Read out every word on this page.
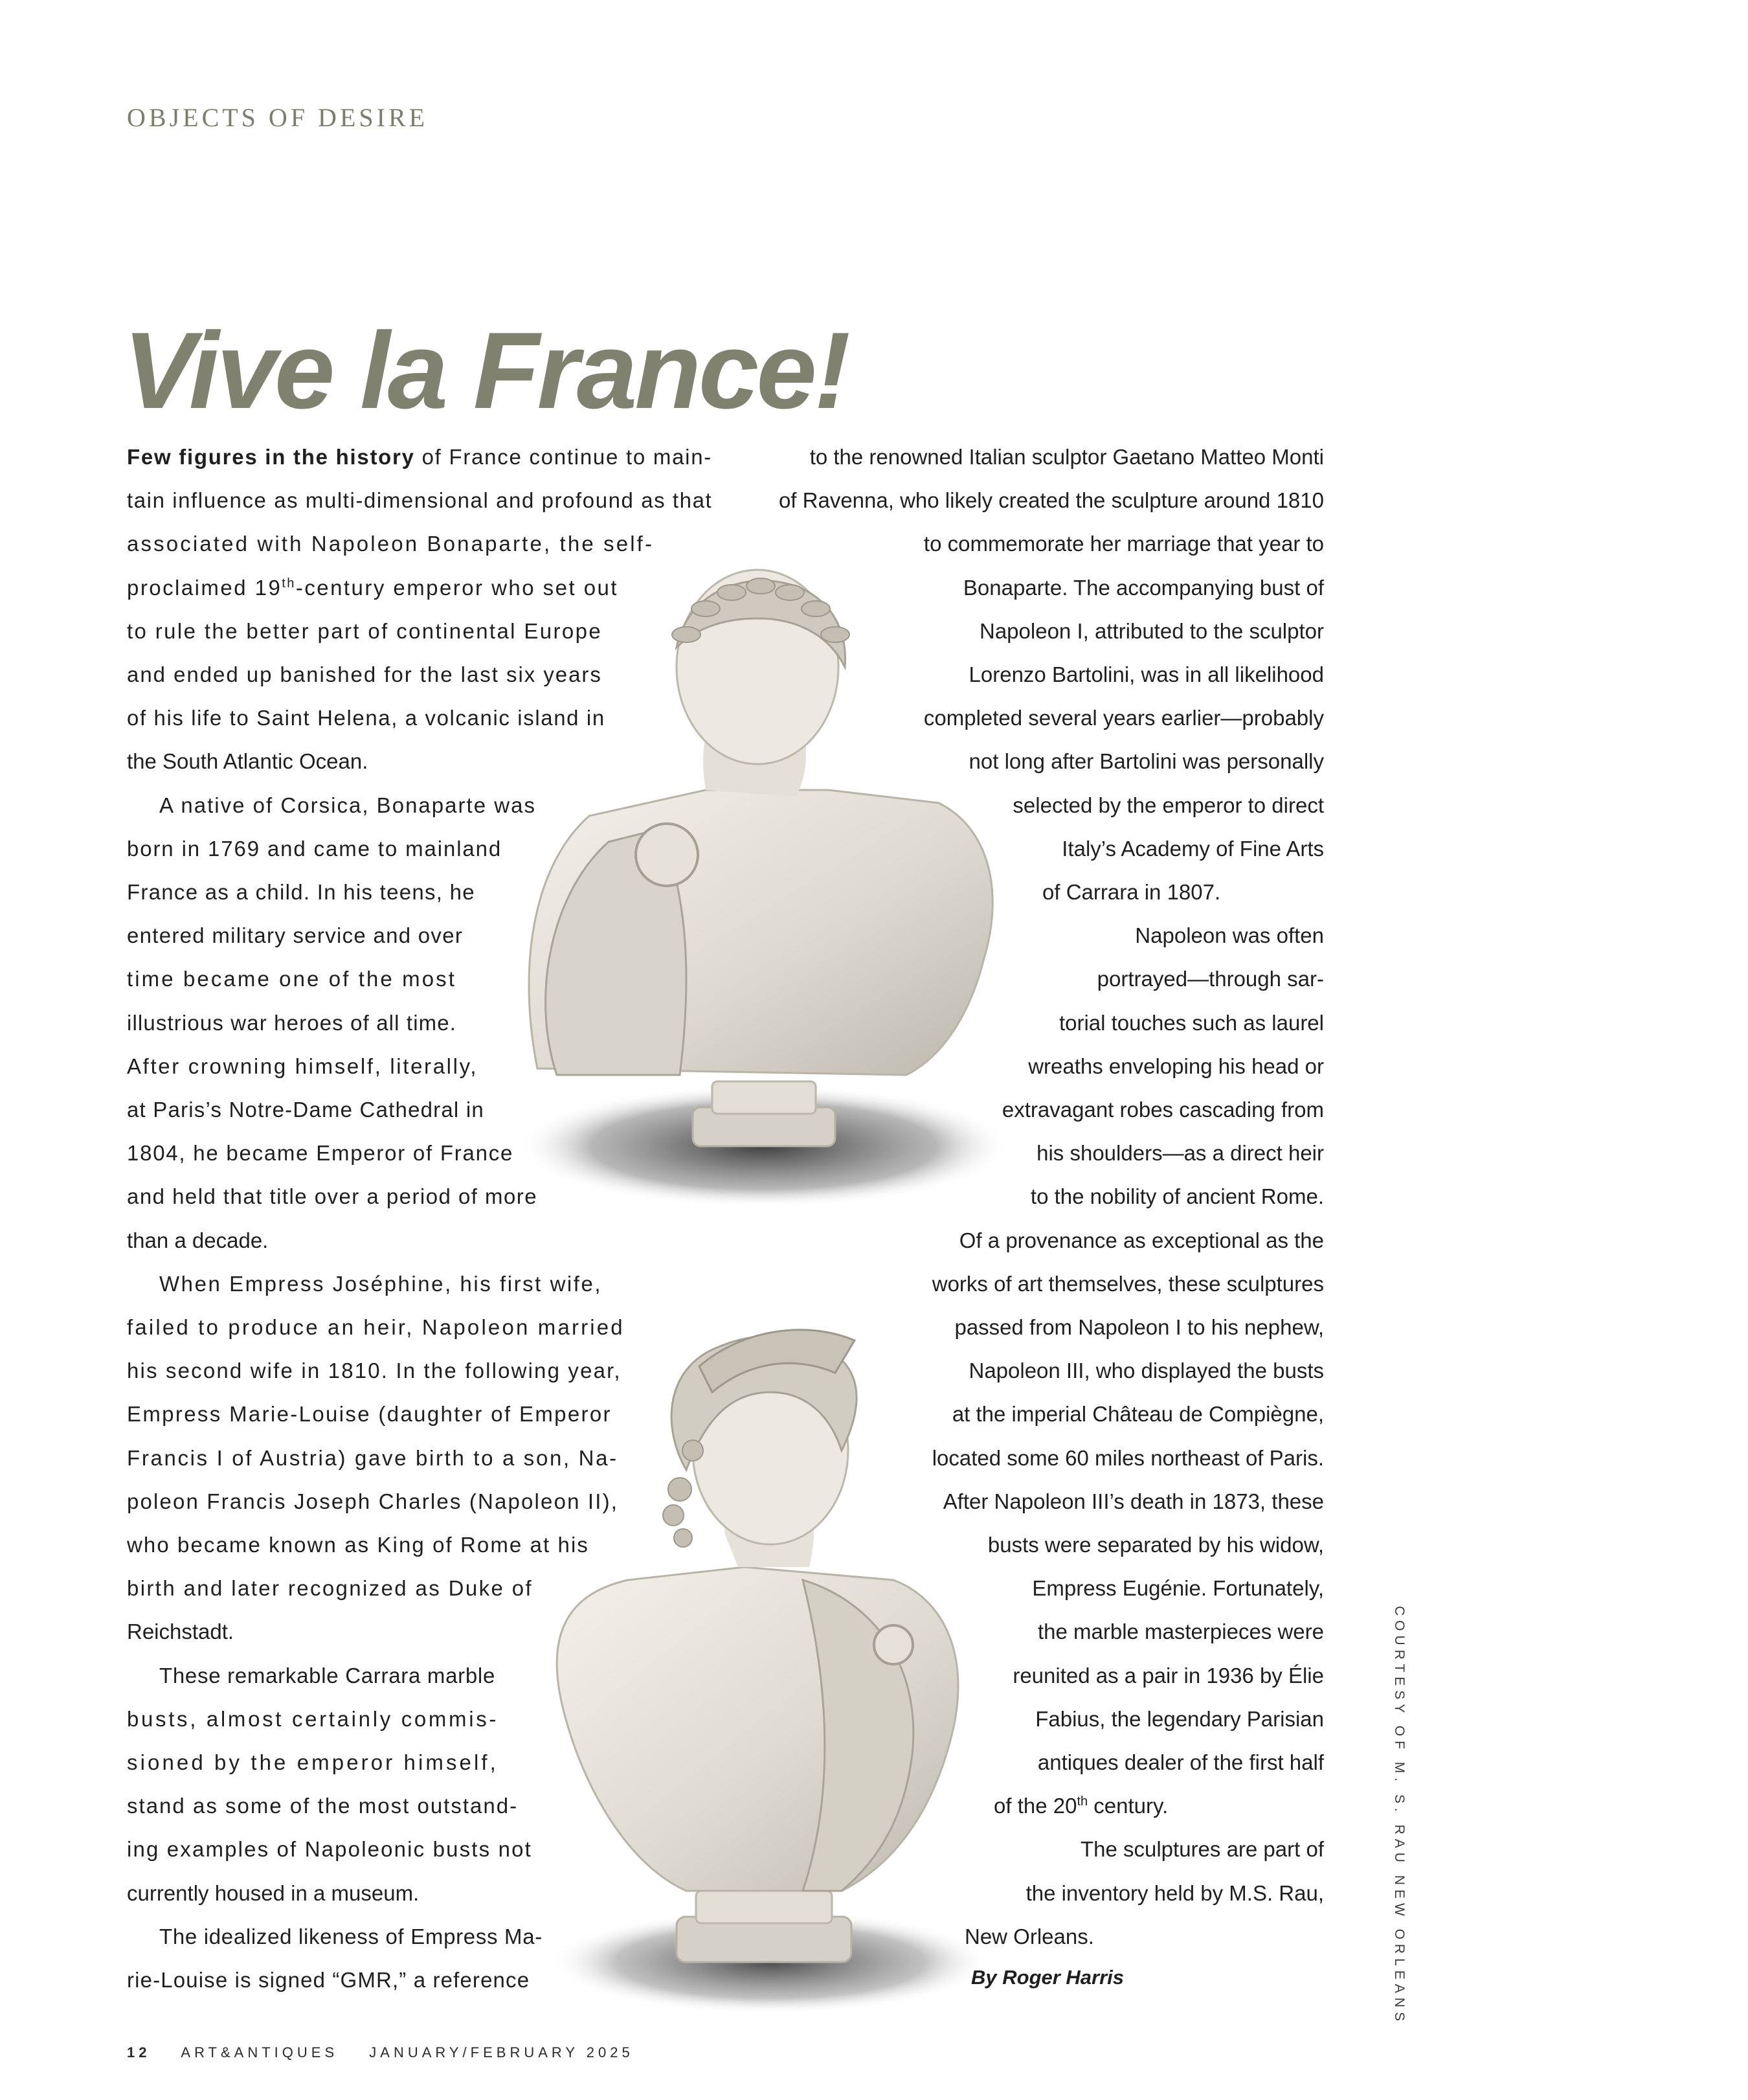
OBJECTS OF DESIRE
Vive la France!
Few figures in the history of France continue to main-
tain influence as multi-dimensional and profound as that
associated with Napoleon Bonaparte, the self-
proclaimed 19th-century emperor who set out
to rule the better part of continental Europe
and ended up banished for the last six years
of his life to Saint Helena, a volcanic island in
the South Atlantic Ocean.
A native of Corsica, Bonaparte was
born in 1769 and came to mainland
France as a child. In his teens, he
entered military service and over
time became one of the most
illustrious war heroes of all time.
After crowning himself, literally,
at Paris’s Notre-Dame Cathedral in
1804, he became Emperor of France
and held that title over a period of more
than a decade.
When Empress Joséphine, his first wife,
failed to produce an heir, Napoleon married
his second wife in 1810. In the following year,
Empress Marie-Louise (daughter of Emperor
Francis I of Austria) gave birth to a son, Na-
poleon Francis Joseph Charles (Napoleon II),
who became known as King of Rome at his
birth and later recognized as Duke of
Reichstadt.
These remarkable Carrara marble
busts, almost certainly commis-
sioned by the emperor himself,
stand as some of the most outstand-
ing examples of Napoleonic busts not
currently housed in a museum.
The idealized likeness of Empress Ma-
rie-Louise is signed “GMR,” a reference
to the renowned Italian sculptor Gaetano Matteo Monti
of Ravenna, who likely created the sculpture around 1810
to commemorate her marriage that year to
Bonaparte. The accompanying bust of
Napoleon I, attributed to the sculptor
Lorenzo Bartolini, was in all likelihood
completed several years earlier—probably
not long after Bartolini was personally
selected by the emperor to direct
Italy’s Academy of Fine Arts
of Carrara in 1807.
Napoleon was often
portrayed—through sar-
torial touches such as laurel
wreaths enveloping his head or
extravagant robes cascading from
his shoulders—as a direct heir
to the nobility of ancient Rome.
Of a provenance as exceptional as the
works of art themselves, these sculptures
passed from Napoleon I to his nephew,
Napoleon III, who displayed the busts
at the imperial Château de Compiègne,
located some 60 miles northeast of Paris.
After Napoleon III’s death in 1873, these
busts were separated by his widow,
Empress Eugénie. Fortunately,
the marble masterpieces were
reunited as a pair in 1936 by Élie
Fabius, the legendary Parisian
antiques dealer of the first half
of the 20th century.
The sculptures are part of
the inventory held by M.S. Rau,
New Orleans.
By Roger Harris	COURTESY OF M. S. RAU NEW ORLEANS
12 ART&ANTIQUES JANUARY/FEBRUARY 2025
